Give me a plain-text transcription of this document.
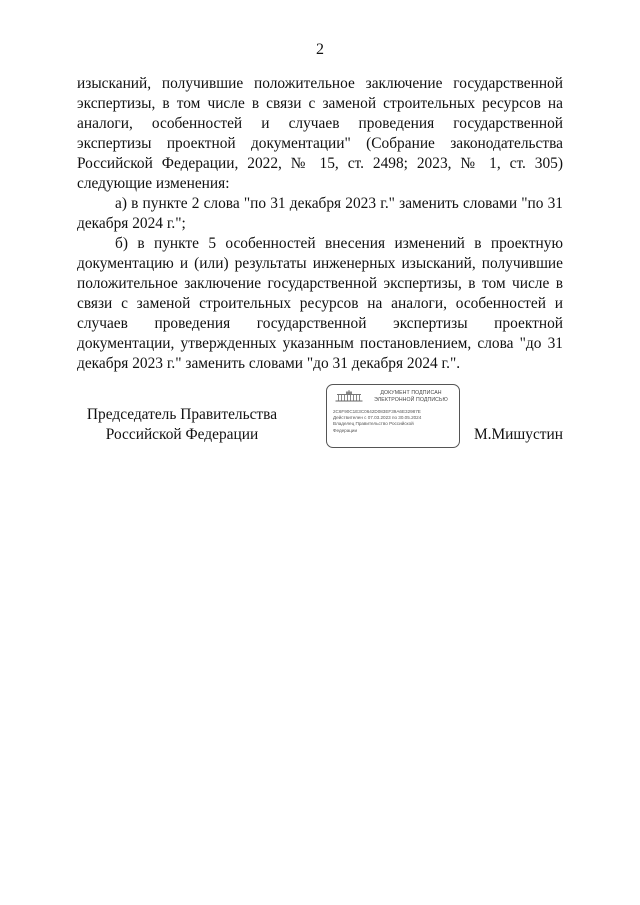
2

изысканий, получившие положительное заключение государственной экспертизы, в том числе в связи с заменой строительных ресурсов на аналоги, особенностей и случаев проведения государственной экспертизы проектной документации" (Собрание законодательства Российской Федерации, 2022, № 15, ст. 2498; 2023, № 1, ст. 305) следующие изменения:

а) в пункте 2 слова "по 31 декабря 2023 г." заменить словами "по 31 декабря 2024 г.";

б) в пункте 5 особенностей внесения изменений в проектную документацию и (или) результаты инженерных изысканий, получившие положительное заключение государственной экспертизы, в том числе в связи с заменой строительных ресурсов на аналоги, особенностей и случаев проведения государственной экспертизы проектной документации, утвержденных указанным постановлением, слова "до 31 декабря 2023 г." заменить словами "до 31 декабря 2024 г.".

Председатель Правительства
Российской Федерации
ДОКУМЕНТ ПОДПИСАН
ЭЛЕКТРОННОЙ ПОДПИСЬЮ
2C6F90C1E3C0642D083EF39A6E32987E
Действителен с 07.03.2023 по 30.05.2024
Владелец Правительство Российской
Федерации	М.Мишустин
